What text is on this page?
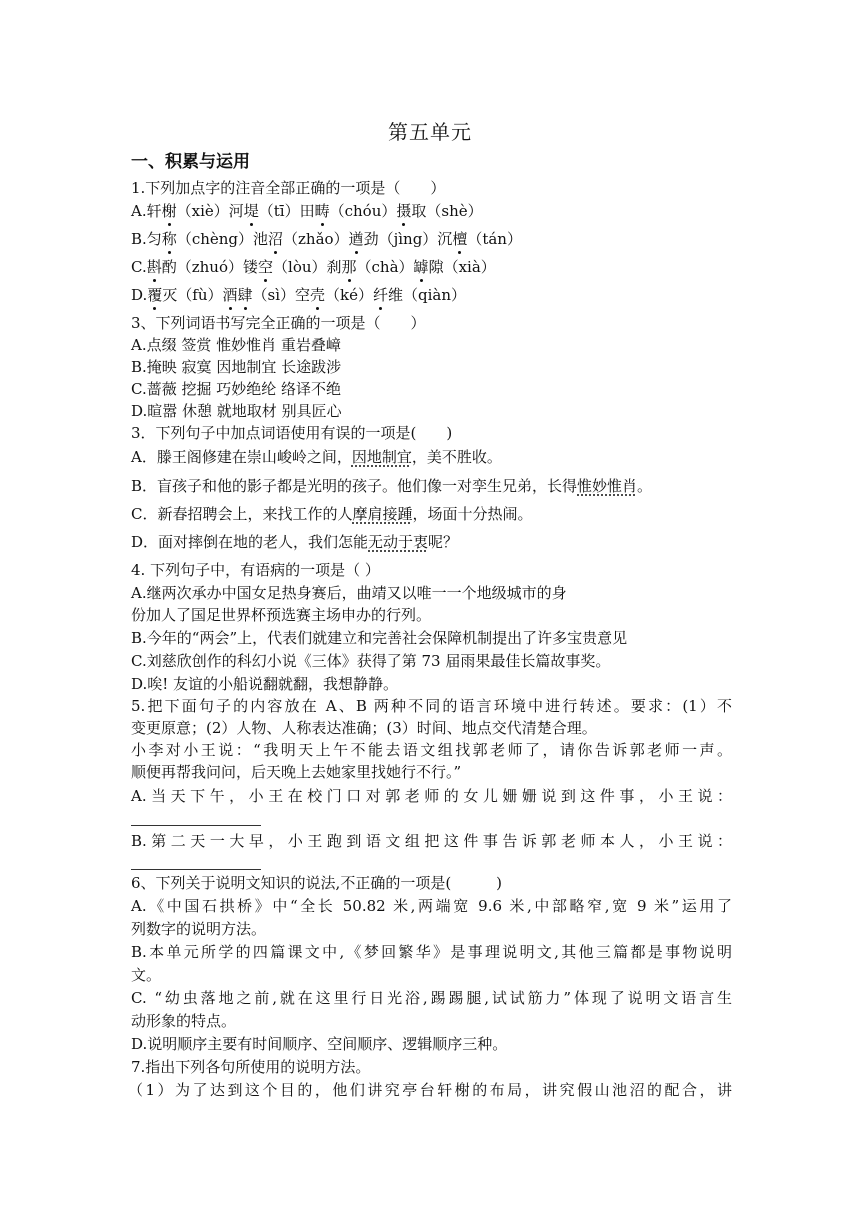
第五单元
一、积累与运用
1.下列加点字的注音全部正确的一项是（　　）
A.轩榭（xiè）河堤（tī）田畴（chóu）摄取（shè）
B.匀称（chèng）池沼（zhǎo）遒劲（jìng）沉檀（tán）
C.斟酌（zhuó）镂空（lòu）刹那（chà）罅隙（xià）
D.覆灭（fù）酒肆（sì）空壳（ké）纤维（qiàn）
3、下列词语书写完全正确的一项是（　　）
A.点缀 签赏 惟妙惟肖 重岩叠嶂
B.掩映 寂寞 因地制宜 长途跋涉
C.蔷薇 挖掘 巧妙绝纶 络译不绝
D.暄嚣 休憩 就地取材 别具匠心
3．下列句子中加点词语使用有误的一项是(　　)
A．滕王阁修建在崇山峻岭之间，因地制宜，美不胜收。
B．盲孩子和他的影子都是光明的孩子。他们像一对孪生兄弟，长得惟妙惟肖。
C．新春招聘会上，来找工作的人摩肩接踵，场面十分热闹。
D．面对摔倒在地的老人，我们怎能无动于衷呢？
4. 下列句子中，有语病的一项是（ ）
A.继两次承办中国女足热身赛后，曲靖又以唯一一个地级城市的身
份加人了国足世界杯预选赛主场申办的行列。
B.今年的“两会”上，代表们就建立和完善社会保障机制提出了许多宝贵意见
C.刘慈欣创作的科幻小说《三体》获得了第 73 届雨果最佳长篇故事奖。
D.唉! 友谊的小船说翻就翻，我想静静。
5.把下面句子的内容放在 A、B 两种不同的语言环境中进行转述。要求：(1）不
变更原意；(2）人物、人称表达准确；(3）时间、地点交代清楚合理。
小李对小王说：“我明天上午不能去语文组找郭老师了，请你告诉郭老师一声。
顺便再帮我问问，后天晚上去她家里找她行不行。”
A.当天下午，小王在校门口对郭老师的女儿姗姗说到这件事，小王说：
B.第二天一大早，小王跑到语文组把这件事告诉郭老师本人，小王说：
6、下列关于说明文知识的说法,不正确的一项是(　　　)
A.《中国石拱桥》中“全长 50.82 米,两端宽 9.6 米,中部略窄,宽 9 米”运用了
列数字的说明方法。
B.本单元所学的四篇课文中,《梦回繁华》是事理说明文,其他三篇都是事物说明
文。
C. “幼虫落地之前,就在这里行日光浴,踢踢腿,试试筋力”体现了说明文语言生
动形象的特点。
D.说明顺序主要有时间顺序、空间顺序、逻辑顺序三种。
7.指出下列各句所使用的说明方法。
（1）为了达到这个目的，他们讲究亭台轩榭的布局，讲究假山池沼的配合，讲
